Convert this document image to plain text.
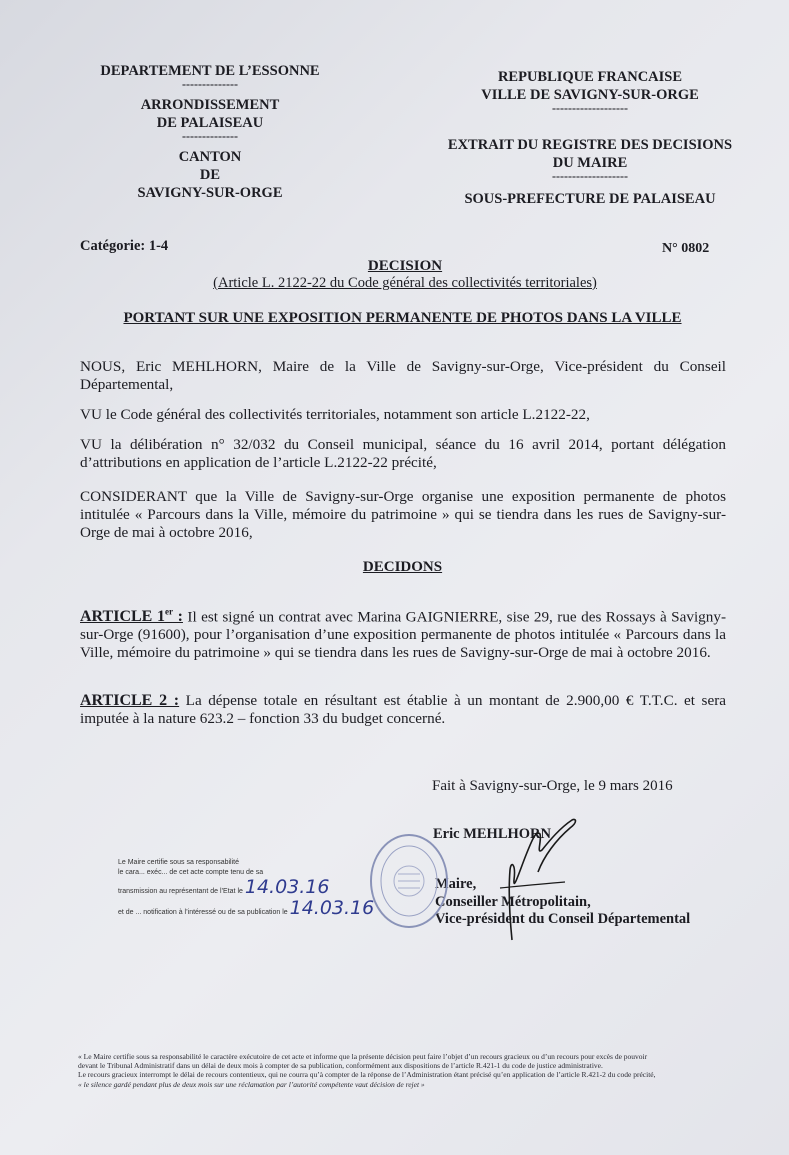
DEPARTEMENT DE L’ESSONNE
--------------
ARRONDISSEMENT
DE PALAISEAU
--------------
CANTON
DE
SAVIGNY-SUR-ORGE
REPUBLIQUE FRANCAISE
VILLE DE SAVIGNY-SUR-ORGE
-------------------
EXTRAIT DU REGISTRE DES DECISIONS
DU MAIRE
-------------------
SOUS-PREFECTURE DE PALAISEAU
Catégorie: 1-4	N° 0802
DECISION
(Article L. 2122-22 du Code général des collectivités territoriales)
PORTANT SUR UNE EXPOSITION PERMANENTE DE PHOTOS DANS LA VILLE
NOUS, Eric MEHLHORN, Maire de la Ville de Savigny-sur-Orge, Vice-président du Conseil Départemental,
VU le Code général des collectivités territoriales, notamment son article L.2122-22,
VU la délibération n° 32/032 du Conseil municipal, séance du 16 avril 2014, portant délégation d’attributions en application de l’article L.2122-22 précité,
CONSIDERANT que la Ville de Savigny-sur-Orge organise une exposition permanente de photos intitulée « Parcours dans la Ville, mémoire du patrimoine » qui se tiendra dans les rues de Savigny-sur-Orge de mai à octobre 2016,
DECIDONS
ARTICLE 1er : Il est signé un contrat avec Marina GAIGNIERRE, sise 29, rue des Rossays à Savigny-sur-Orge (91600), pour l’organisation d’une exposition permanente de photos intitulée « Parcours dans la Ville, mémoire du patrimoine » qui se tiendra dans les rues de Savigny-sur-Orge de mai à octobre 2016.
ARTICLE 2 : La dépense totale en résultant est établie à un montant de 2.900,00 € T.T.C. et sera imputée à la nature 623.2 – fonction 33 du budget concerné.
Fait à Savigny-sur-Orge, le 9 mars 2016
Eric MEHLHORN
Maire,
Conseiller Métropolitain,
Vice-président du Conseil Départemental
Le Maire certifie sous sa responsabilité
le cara... exéc... de cet acte compte tenu de sa
transmission au représentant de l’Etat le 14.03.16
et de ... notification à l’intéressé ou de sa publication le 14.03.16
« Le Maire certifie sous sa responsabilité le caractère exécutoire de cet acte et informe que la présente décision peut faire l’objet d’un recours gracieux ou d’un recours pour excès de pouvoir
devant le Tribunal Administratif dans un délai de deux mois à compter de sa publication, conformément aux dispositions de l’article R.421-1 du code de justice administrative.
Le recours gracieux interrompt le délai de recours contentieux, qui ne courra qu’à compter de la réponse de l’Administration étant précisé qu’en application de l’article R.421-2 du code précité,
« le silence gardé pendant plus de deux mois sur une réclamation par l’autorité compétente vaut décision de rejet »
